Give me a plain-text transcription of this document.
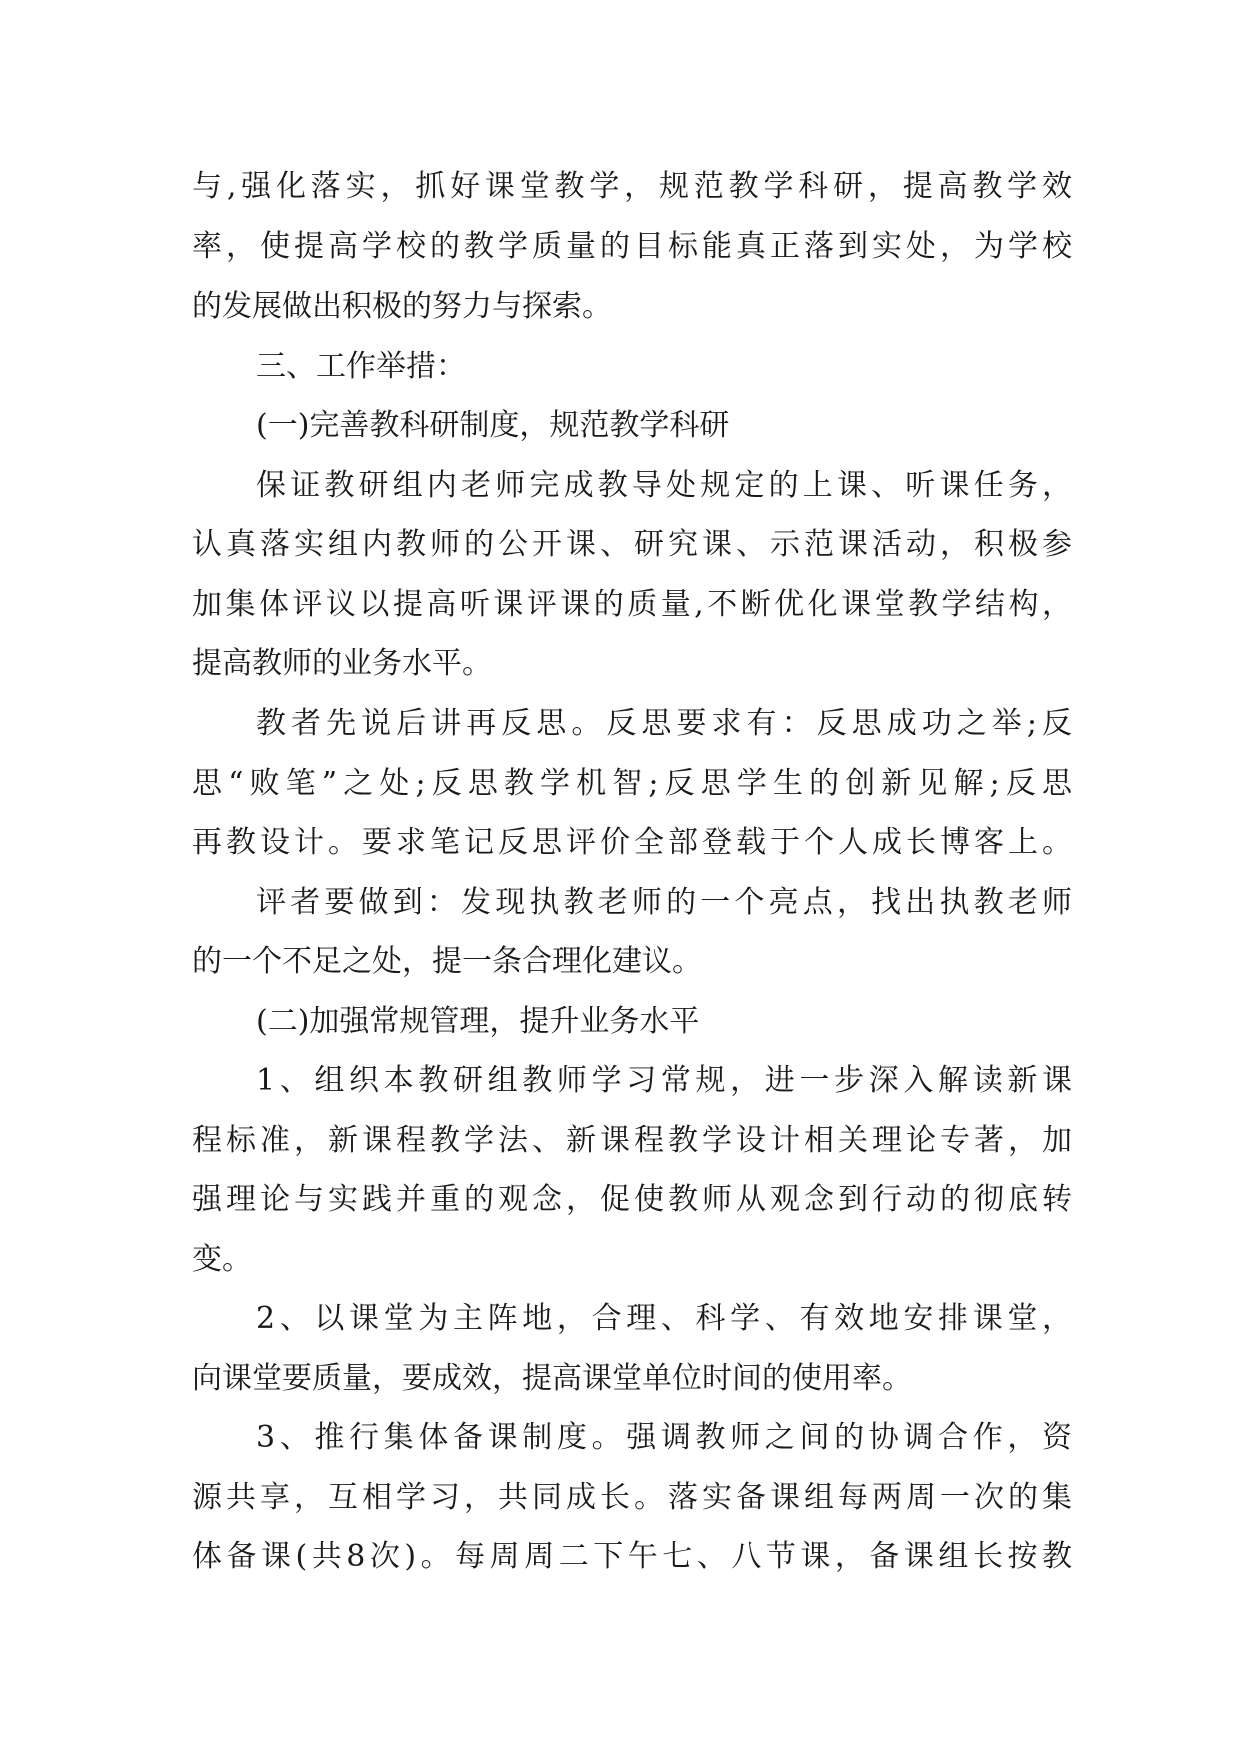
与,强化落实，抓好课堂教学，规范教学科研，提高教学效
率，使提高学校的教学质量的目标能真正落到实处，为学校
的发展做出积极的努力与探索。
三、工作举措：
(一)完善教科研制度，规范教学科研
保证教研组内老师完成教导处规定的上课、听课任务，
认真落实组内教师的公开课、研究课、示范课活动，积极参
加集体评议以提高听课评课的质量,不断优化课堂教学结构，
提高教师的业务水平。
教者先说后讲再反思。反思要求有：反思成功之举;反
思“败笔”之处;反思教学机智;反思学生的创新见解;反思
再教设计。要求笔记反思评价全部登载于个人成长博客上。
评者要做到：发现执教老师的一个亮点，找出执教老师
的一个不足之处，提一条合理化建议。
(二)加强常规管理，提升业务水平
1、组织本教研组教师学习常规，进一步深入解读新课
程标准，新课程教学法、新课程教学设计相关理论专著，加
强理论与实践并重的观念，促使教师从观念到行动的彻底转
变。
2、以课堂为主阵地，合理、科学、有效地安排课堂，
向课堂要质量，要成效，提高课堂单位时间的使用率。
3、推行集体备课制度。强调教师之间的协调合作，资
源共享，互相学习，共同成长。落实备课组每两周一次的集
体备课(共8次)。每周周二下午七、八节课，备课组长按教
